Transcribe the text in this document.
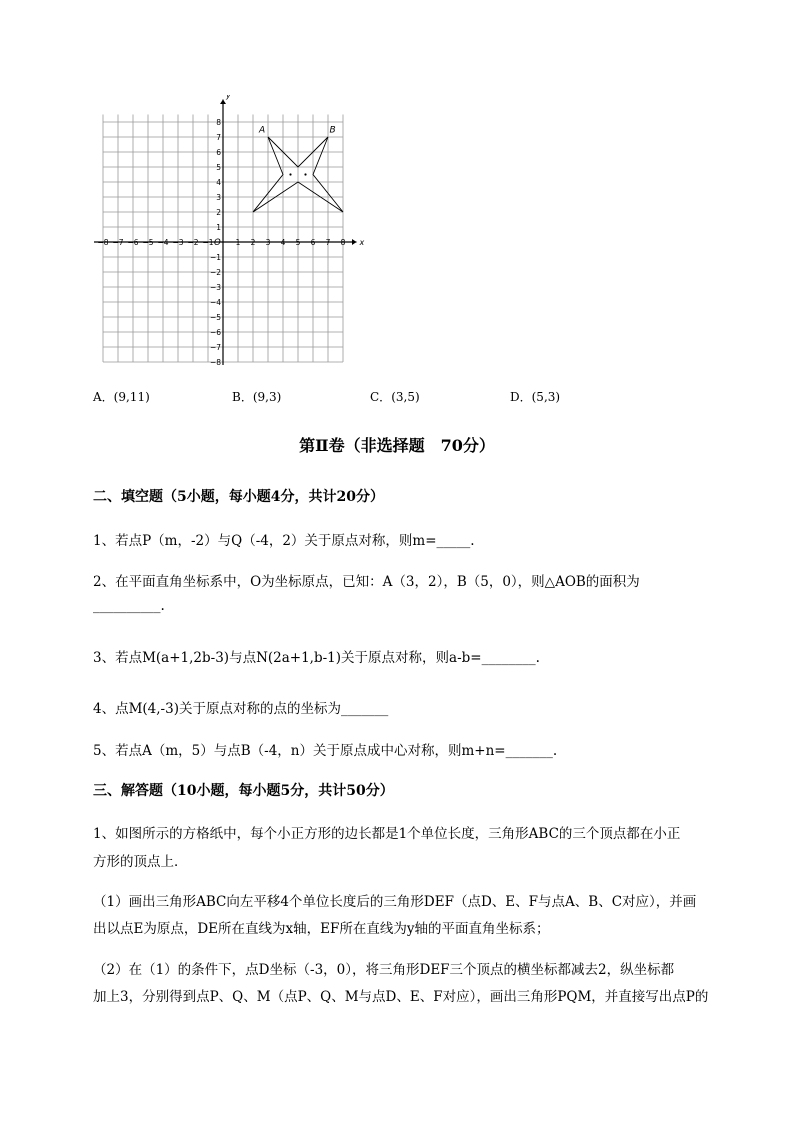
x
y
O
−8 −7 −6 −5 −4 −3 −2 −1	1 2 3 4 5 6 7 8
8
7
6
5
4
3
2
1
−1
−2
−3
−4
−5
−6
−7
−8
A	B
A．(9,11)	B．(9,3)	C．(3,5)	D．(5,3)
第Ⅱ卷（非选择题　70分）
二、填空题（5小题，每小题4分，共计20分）
1、若点P（m，-2）与Q（-4，2）关于原点对称，则m=_____.
2、在平面直角坐标系中，O为坐标原点，已知：A（3，2），B（5，0），则△AOB的面积为
__________.
3、若点M(a+1,2b-3)与点N(2a+1,b-1)关于原点对称，则a-b=________.
4、点M(4,-3)关于原点对称的点的坐标为_______
5、若点A（m，5）与点B（-4，n）关于原点成中心对称，则m+n=_______.
三、解答题（10小题，每小题5分，共计50分）
1、如图所示的方格纸中，每个小正方形的边长都是1个单位长度，三角形ABC的三个顶点都在小正
方形的顶点上．
（1）画出三角形ABC向左平移4个单位长度后的三角形DEF（点D、E、F与点A、B、C对应），并画
出以点E为原点，DE所在直线为x轴，EF所在直线为y轴的平面直角坐标系；
（2）在（1）的条件下，点D坐标（-3，0），将三角形DEF三个顶点的横坐标都减去2，纵坐标都
加上3，分别得到点P、Q、M（点P、Q、M与点D、E、F对应），画出三角形PQM，并直接写出点P的
